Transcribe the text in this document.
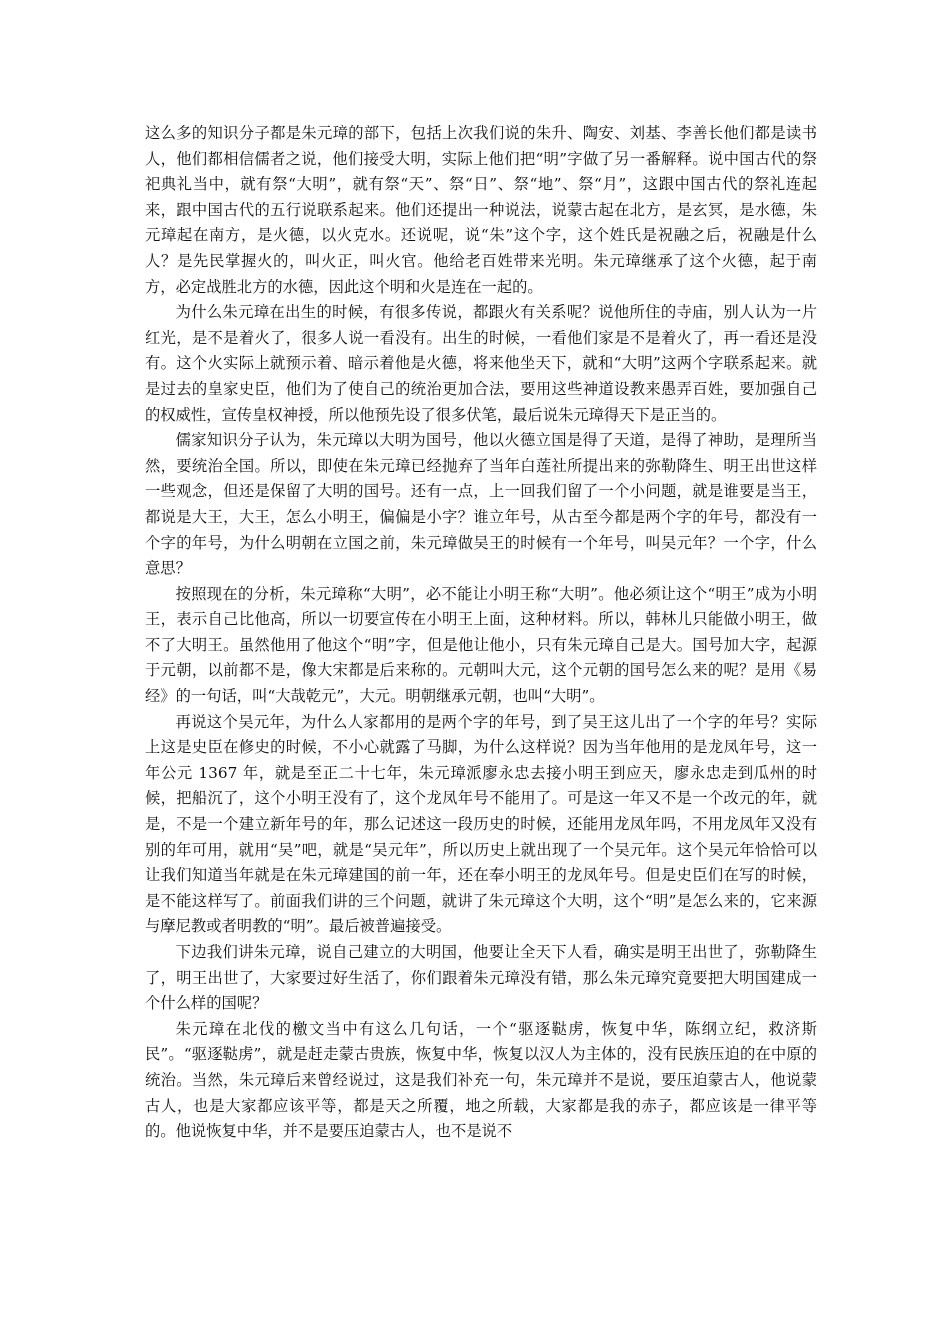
这么多的知识分子都是朱元璋的部下，包括上次我们说的朱升、陶安、刘基、李善长他们都是读书人，他们都相信儒者之说，他们接受大明，实际上他们把“明”字做了另一番解释。说中国古代的祭祀典礼当中，就有祭“大明”，就有祭“天”、祭“日”、祭“地”、祭“月”，这跟中国古代的祭礼连起来，跟中国古代的五行说联系起来。他们还提出一种说法，说蒙古起在北方，是玄冥，是水德，朱元璋起在南方，是火德，以火克水。还说呢，说“朱”这个字，这个姓氏是祝融之后，祝融是什么人？是先民掌握火的，叫火正，叫火官。他给老百姓带来光明。朱元璋继承了这个火德，起于南方，必定战胜北方的水德，因此这个明和火是连在一起的。

为什么朱元璋在出生的时候，有很多传说，都跟火有关系呢？说他所住的寺庙，别人认为一片红光，是不是着火了，很多人说一看没有。出生的时候，一看他们家是不是着火了，再一看还是没有。这个火实际上就预示着、暗示着他是火德，将来他坐天下，就和“大明”这两个字联系起来。就是过去的皇家史臣，他们为了使自己的统治更加合法，要用这些神道设教来愚弄百姓，要加强自己的权威性，宣传皇权神授，所以他预先设了很多伏笔，最后说朱元璋得天下是正当的。

儒家知识分子认为，朱元璋以大明为国号，他以火德立国是得了天道，是得了神助，是理所当然，要统治全国。所以，即使在朱元璋已经抛弃了当年白莲社所提出来的弥勒降生、明王出世这样一些观念，但还是保留了大明的国号。还有一点，上一回我们留了一个小问题，就是谁要是当王，都说是大王，大王，怎么小明王，偏偏是小字？谁立年号，从古至今都是两个字的年号，都没有一个字的年号，为什么明朝在立国之前，朱元璋做吴王的时候有一个年号，叫吴元年？一个字，什么意思？

按照现在的分析，朱元璋称“大明”，必不能让小明王称“大明”。他必须让这个“明王”成为小明王，表示自己比他高，所以一切要宣传在小明王上面，这种材料。所以，韩林儿只能做小明王，做不了大明王。虽然他用了他这个“明”字，但是他让他小，只有朱元璋自己是大。国号加大字，起源于元朝，以前都不是，像大宋都是后来称的。元朝叫大元，这个元朝的国号怎么来的呢？是用《易经》的一句话，叫“大哉乾元”，大元。明朝继承元朝，也叫“大明”。

再说这个吴元年，为什么人家都用的是两个字的年号，到了吴王这儿出了一个字的年号？实际上这是史臣在修史的时候，不小心就露了马脚，为什么这样说？因为当年他用的是龙凤年号，这一年公元 1367 年，就是至正二十七年，朱元璋派廖永忠去接小明王到应天，廖永忠走到瓜州的时候，把船沉了，这个小明王没有了，这个龙凤年号不能用了。可是这一年又不是一个改元的年，就是，不是一个建立新年号的年，那么记述这一段历史的时候，还能用龙凤年吗，不用龙凤年又没有别的年可用，就用“吴”吧，就是“吴元年”，所以历史上就出现了一个吴元年。这个吴元年恰恰可以让我们知道当年就是在朱元璋建国的前一年，还在奉小明王的龙凤年号。但是史臣们在写的时候，是不能这样写了。前面我们讲的三个问题，就讲了朱元璋这个大明，这个“明”是怎么来的，它来源与摩尼教或者明教的“明”。最后被普遍接受。

下边我们讲朱元璋，说自己建立的大明国，他要让全天下人看，确实是明王出世了，弥勒降生了，明王出世了，大家要过好生活了，你们跟着朱元璋没有错，那么朱元璋究竟要把大明国建成一个什么样的国呢？

朱元璋在北伐的檄文当中有这么几句话，一个“驱逐鞑虏，恢复中华，陈纲立纪，救济斯民”。“驱逐鞑虏”，就是赶走蒙古贵族，恢复中华，恢复以汉人为主体的，没有民族压迫的在中原的统治。当然，朱元璋后来曾经说过，这是我们补充一句，朱元璋并不是说，要压迫蒙古人，他说蒙古人，也是大家都应该平等，都是天之所覆，地之所载，大家都是我的赤子，都应该是一律平等的。他说恢复中华，并不是要压迫蒙古人，也不是说不
